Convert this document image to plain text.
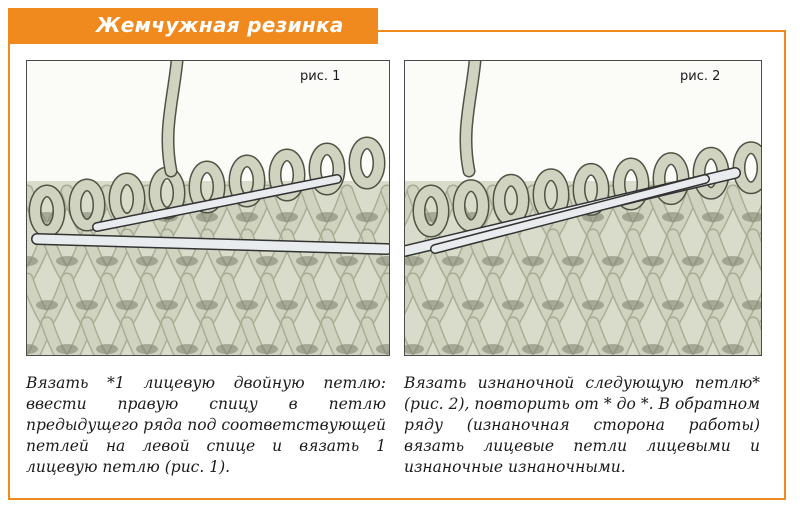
Жемчужная резинка
рис. 1	рис. 2
Вязать *1 лицевую двойную петлю: ввести правую спицу в петлю предыдущего ряда под соответствующей петлей на левой спице и вязать 1 лицевую петлю (рис. 1).
Вязать изнаночной следующую петлю* (рис. 2), повторить от * до *. В обратном ряду (изнаночная сторона работы) вязать лицевые петли лицевыми и изнаночные изнаночными.
